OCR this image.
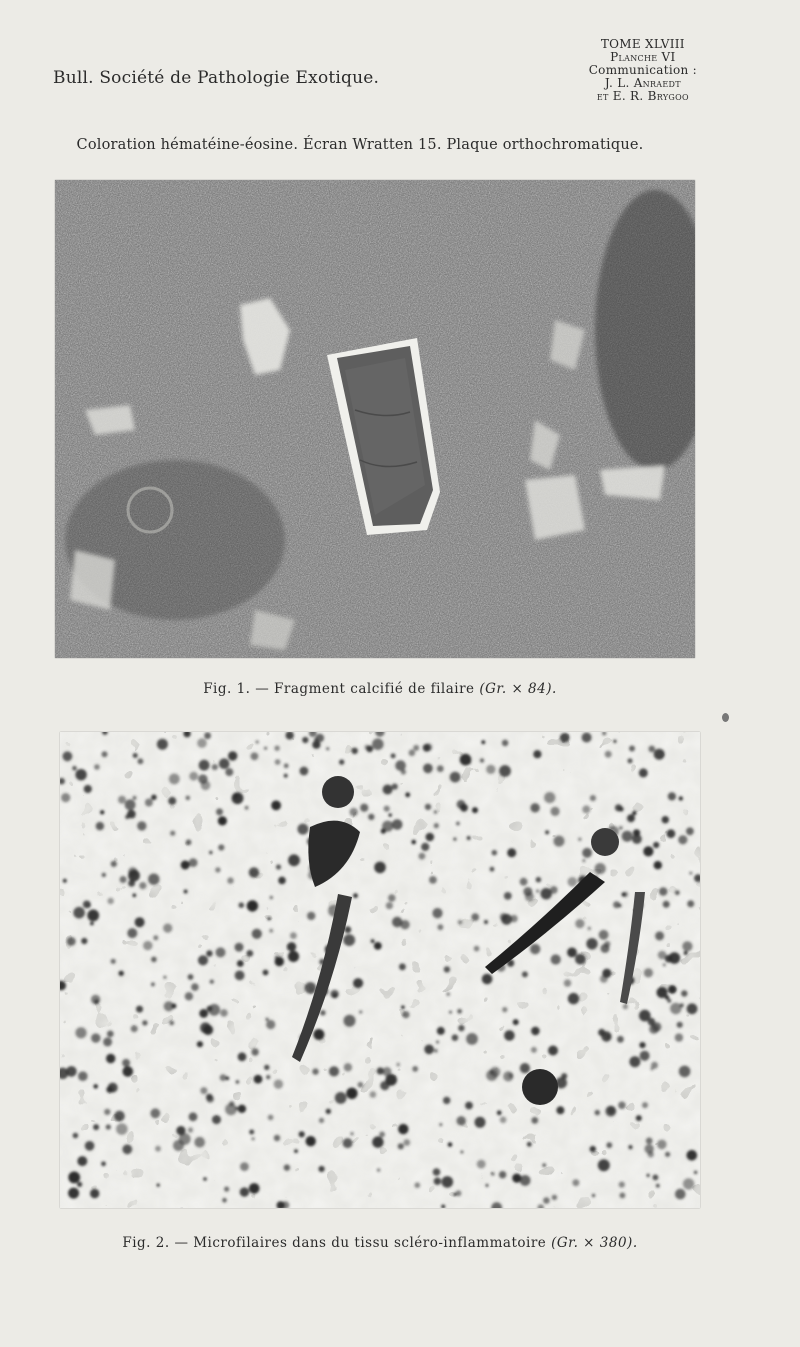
Bull. Société de Pathologie Exotique.
TOME XLVIII
Planche VI
Communication :
J. L. Anraedt
et E. R. Brygoo
Coloration hématéine-éosine. Écran Wratten 15. Plaque orthochromatique.
Fig. 1. — Fragment calcifié de filaire (Gr. × 84).
Fig. 2. — Microfilaires dans du tissu scléro-inflammatoire (Gr. × 380).
